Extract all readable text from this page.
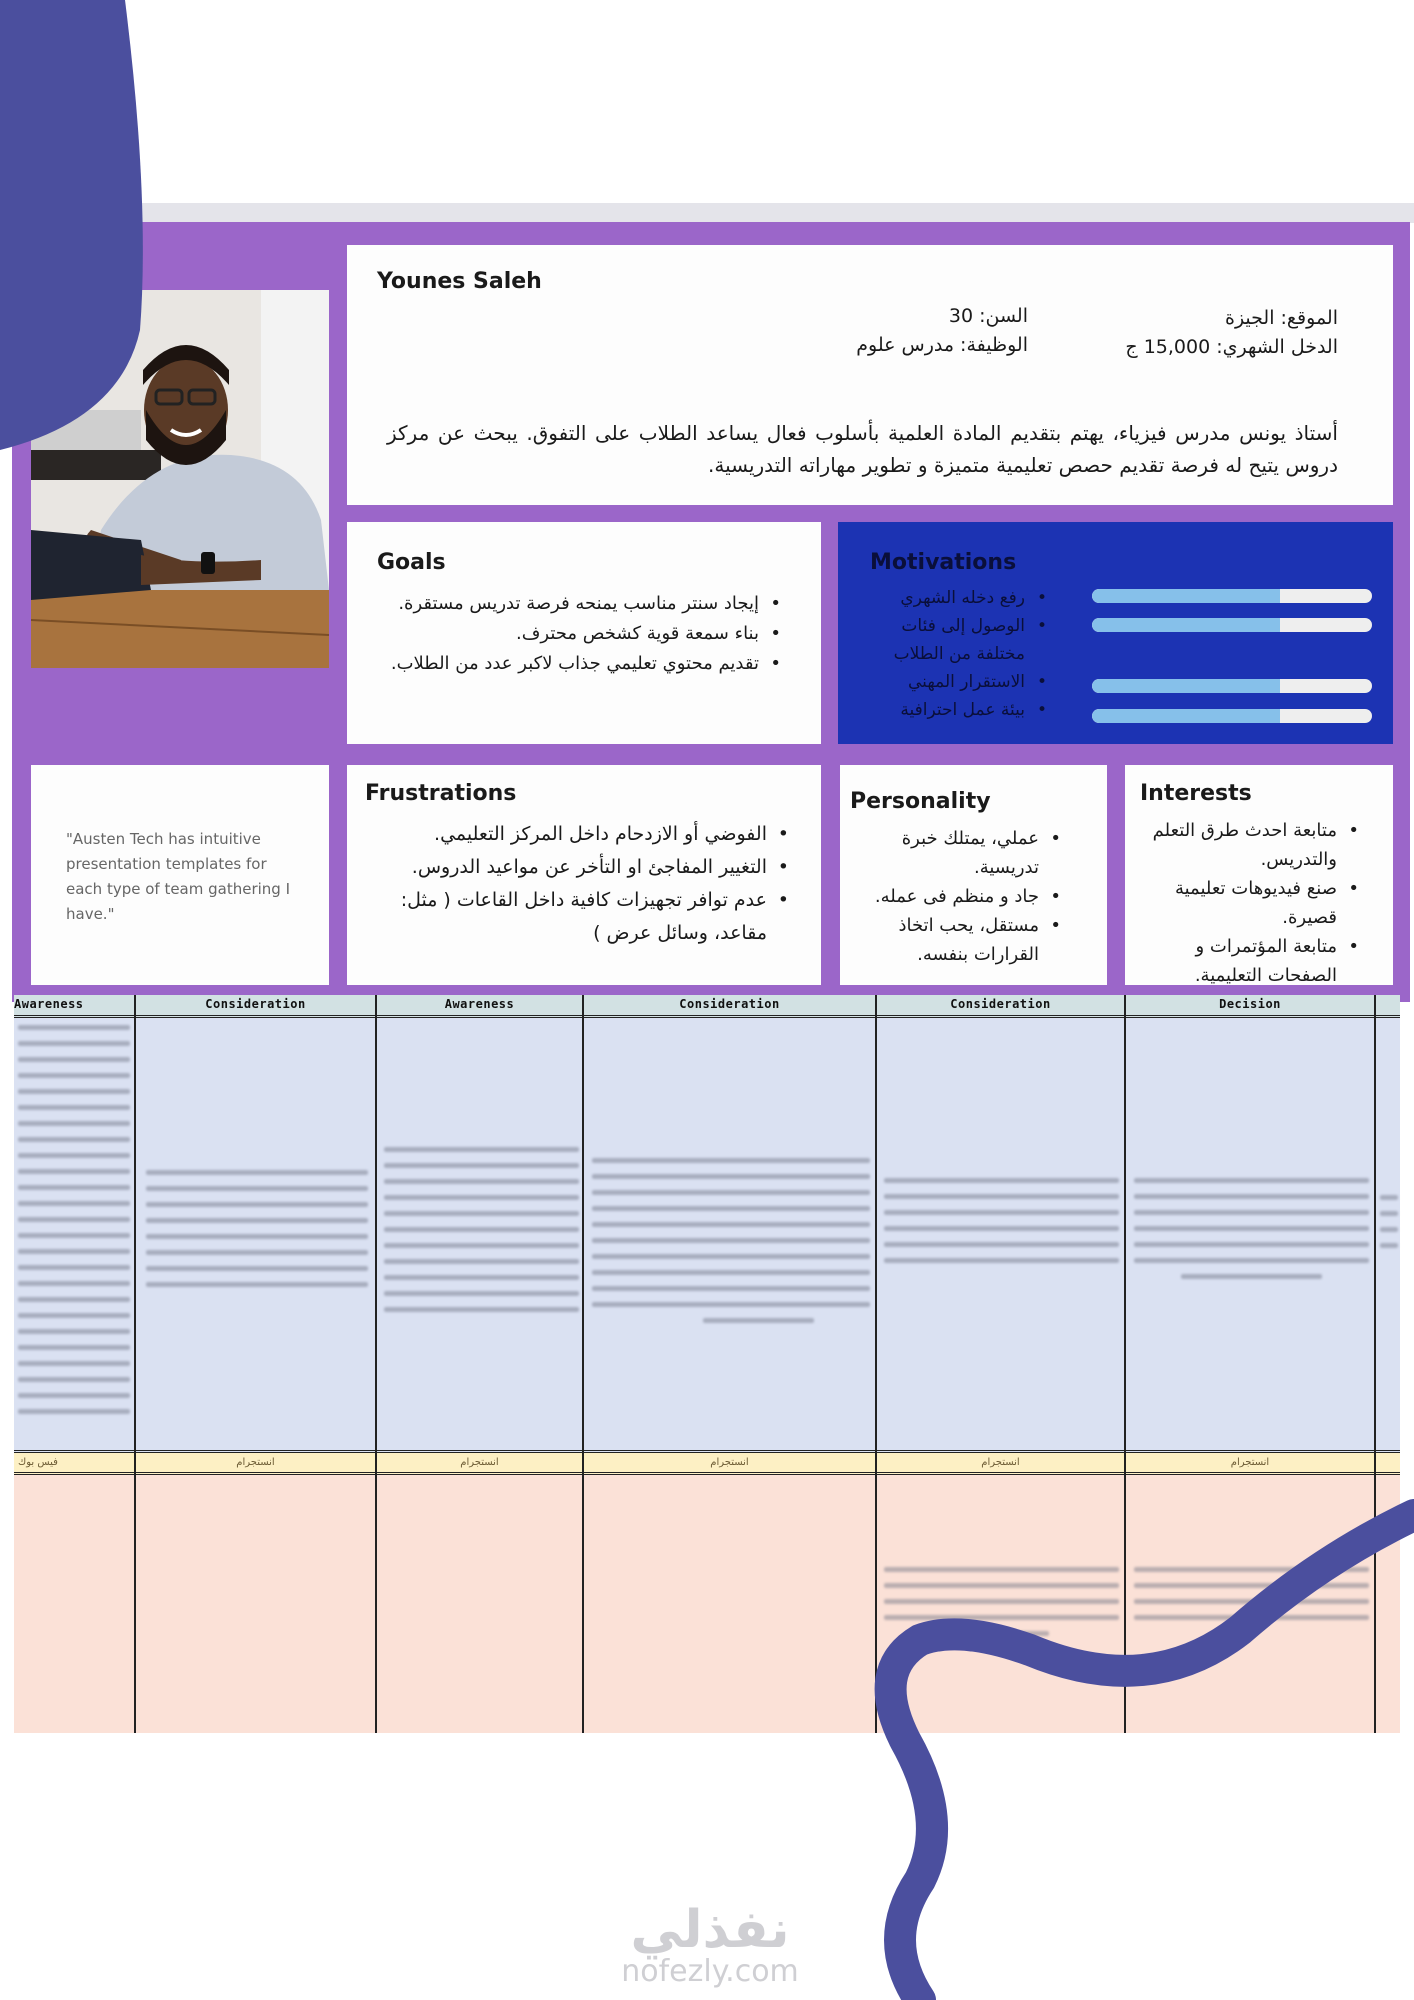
Younes Saleh
السن: 30
الوظيفة: مدرس علوم
الموقع: الجيزة
الدخل الشهري: 15,000 ج
أستاذ يونس مدرس فيزياء، يهتم بتقديم المادة العلمية بأسلوب فعال يساعد الطلاب على التفوق. يبحث عن مركز دروس يتيح له فرصة تقديم حصص تعليمية متميزة و تطوير مهاراته التدريسية.
Goals
• إيجاد سنتر مناسب يمنحه فرصة تدريس مستقرة.
• بناء سمعة قوية كشخص محترف.
• تقديم محتوي تعليمي جذاب لاكبر عدد من الطلاب.
Motivations
• رفع دخله الشهري
• الوصول إلى فئات مختلفة من الطلاب
• الاستقرار المهني
• بيئة عمل احترافية

"Austen Tech has intuitive presentation templates for each type of team gathering I have."

Frustrations
• الفوضي أو الازدحام داخل المركز التعليمي.
• التغيير المفاجئ او التأخر عن مواعيد الدروس.
• عدم توافر تجهيزات كافية داخل القاعات ( مثل: مقاعد، وسائل عرض )
Personality
• عملي، يمتلك خبرة تدريسية.
• جاد و منظم فى عمله.
• مستقل، يحب اتخاذ القرارات بنفسه.
Interests
• متابعة احدث طرق التعلم والتدريس.
• صنع فيديوهات تعليمية قصيرة.
• متابعة المؤتمرات و الصفحات التعليمية.
Awareness	Consideration	Awareness	Consideration	Consideration	Decision
فيس بوك	انستجرام	انستجرام	انستجرام	انستجرام	انستجرام
نفذلي
nofezly.com
